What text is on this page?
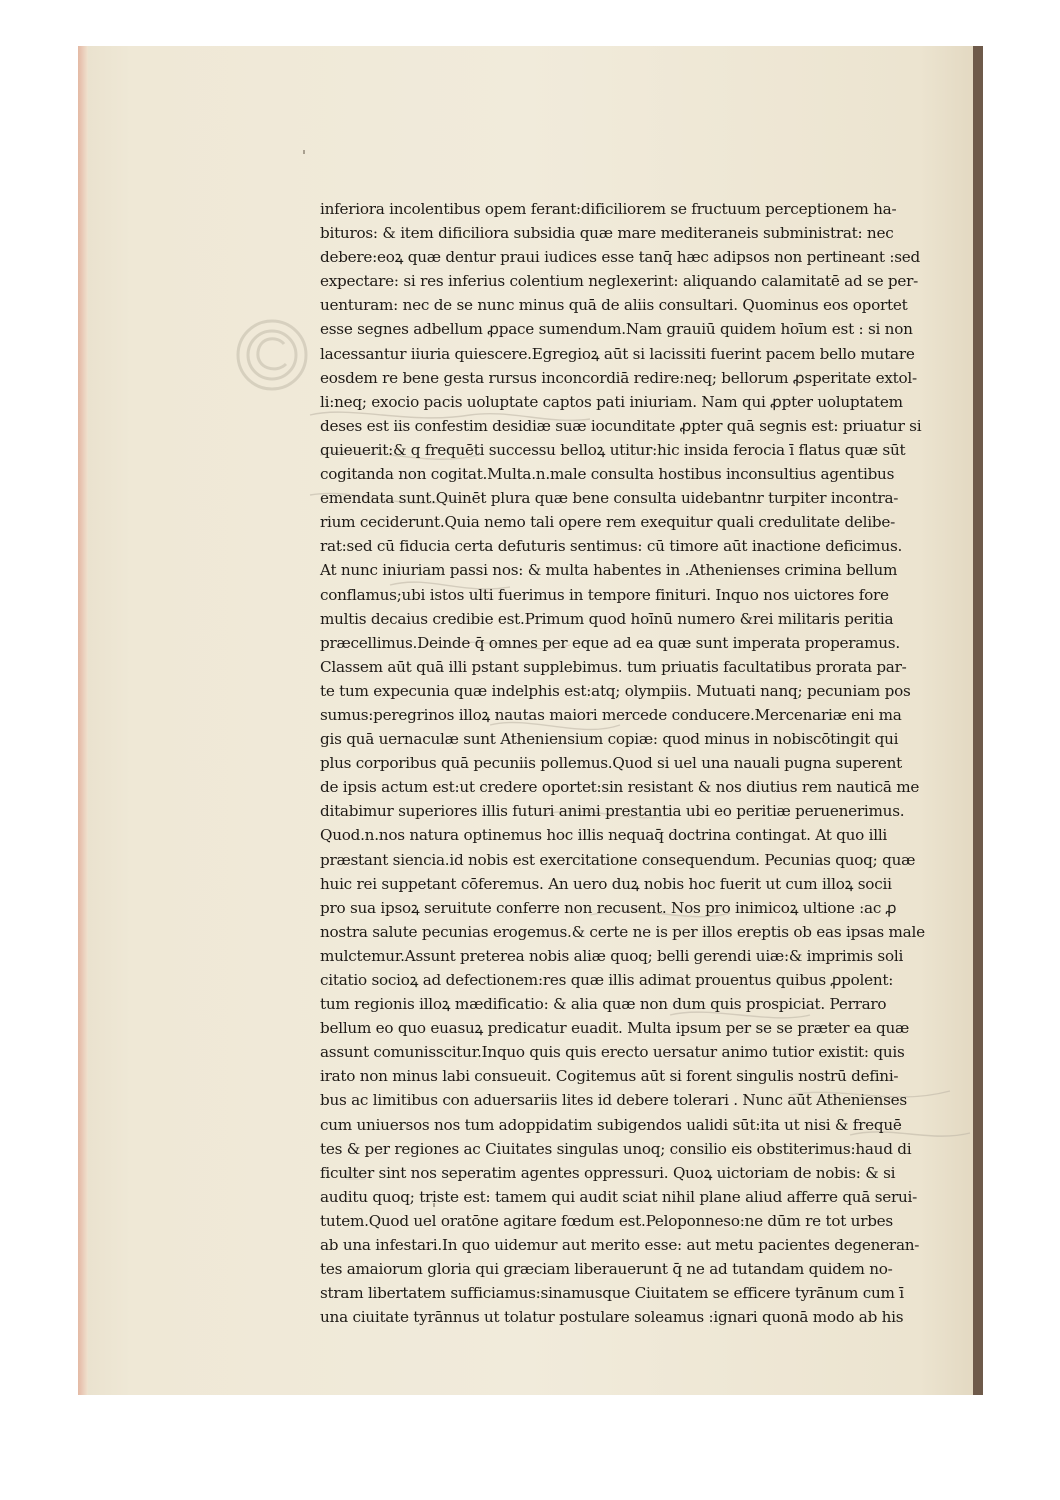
inferiora incolentibus opem ferant:dificiliorem se fructuum perceptionem ha-
bituros: & item dificiliora subsidia quæ mare mediteraneis subministrat: nec
debere:eoꝝ quæ dentur praui iudices esse tanq̄ hæc adipsos non pertineant :sed
expectare: si res inferius colentium neglexerint: aliquando calamitatē ad se per-
uenturam: nec de se nunc minus quā de aliis consultari. Quominus eos oportet
esse segnes adbellum ꝓpace sumendum.Nam grauiū quidem hoīum est : si non
lacessantur iiuria quiescere.Egregioꝝ aūt si lacissiti fuerint pacem bello mutare
eosdem re bene gesta rursus inconcordiā redire:neq; bellorum ꝓsperitate extol-
li:neq; exocio pacis uoluptate captos pati iniuriam. Nam qui ꝓpter uoluptatem
deses est iis confestim desidiæ suæ iocunditate ꝓpter quā segnis est: priuatur si
quieuerit:& q frequēti successu belloꝝ utitur:hic insida ferocia ī flatus quæ sūt
cogitanda non cogitat.Multa.n.male consulta hostibus inconsultius agentibus
emendata sunt.Quinēt plura quæ bene consulta uidebantnr turpiter incontra-
rium ceciderunt.Quia nemo tali opere rem exequitur quali credulitate delibe-
rat:sed cū fiducia certa defuturis sentimus: cū timore aūt inactione deficimus.
At nunc iniuriam passi nos: & multa habentes in .Athenienses crimina bellum
conflamus;ubi istos ulti fuerimus in tempore finituri. Inquo nos uictores fore
multis decaius credibie est.Primum quod hoīnū numero &rei militaris peritia
præcellimus.Deinde q̄ omnes per eque ad ea quæ sunt imperata properamus.
Classem aūt quā illi pstant supplebimus. tum priuatis facultatibus prorata par-
te tum expecunia quæ indelphis est:atq; olympiis. Mutuati nanq; pecuniam pos
sumus:peregrinos illoꝝ nautas maiori mercede conducere.Mercenariæ eni ma
gis quā uernaculæ sunt Atheniensium copiæ: quod minus in nobiscōtingit qui
plus corporibus quā pecuniis pollemus.Quod si uel una nauali pugna superent
de ipsis actum est:ut credere oportet:sin resistant & nos diutius rem nauticā me
ditabimur superiores illis futuri animi prestantia ubi eo peritiæ peruenerimus.
Quod.n.nos natura optinemus hoc illis nequaq̄ doctrina contingat. At quo illi
præstant siencia.id nobis est exercitatione consequendum. Pecunias quoq; quæ
huic rei suppetant cōferemus. An uero duꝝ nobis hoc fuerit ut cum illoꝝ socii
pro sua ipsoꝝ seruitute conferre non recusent. Nos pro inimicoꝝ ultione :ac ꝓ
nostra salute pecunias erogemus.& certe ne is per illos ereptis ob eas ipsas male
mulctemur.Assunt preterea nobis aliæ quoq; belli gerendi uiæ:& imprimis soli
citatio socioꝝ ad defectionem:res quæ illis adimat prouentus quibus ꝓpolent:
tum regionis illoꝝ mædificatio: & alia quæ non dum quis prospiciat. Perraro
bellum eo quo euasuꝝ predicatur euadit. Multa ipsum per se se præter ea quæ
assunt comunisscitur.Inquo quis quis erecto uersatur animo tutior existit: quis
irato non minus labi consueuit. Cogitemus aūt si forent singulis nostrū defini-
bus ac limitibus con aduersariis lites id debere tolerari . Nunc aūt Athenienses
cum uniuersos nos tum adoppidatim subigendos ualidi sūt:ita ut nisi & frequē
tes & per regiones ac Ciuitates singulas unoq; consilio eis obstiterimus:haud di
ficulter sint nos seperatim agentes oppressuri. Quoꝝ uictoriam de nobis: & si
auditu quoq; triste est: tamem qui audit sciat nihil plane aliud afferre quā serui-
tutem.Quod uel oratōne agitare fœdum est.Peloponneso:ne dūm re tot urbes
ab una infestari.In quo uidemur aut merito esse: aut metu pacientes degeneran-
tes amaiorum gloria qui græciam liberauerunt q̄ ne ad tutandam quidem no-
stram libertatem sufficiamus:sinamusque Ciuitatem se efficere tyrānum cum ī
una ciuitate tyrānnus ut tolatur postulare soleamus :ignari quonā modo ab his
